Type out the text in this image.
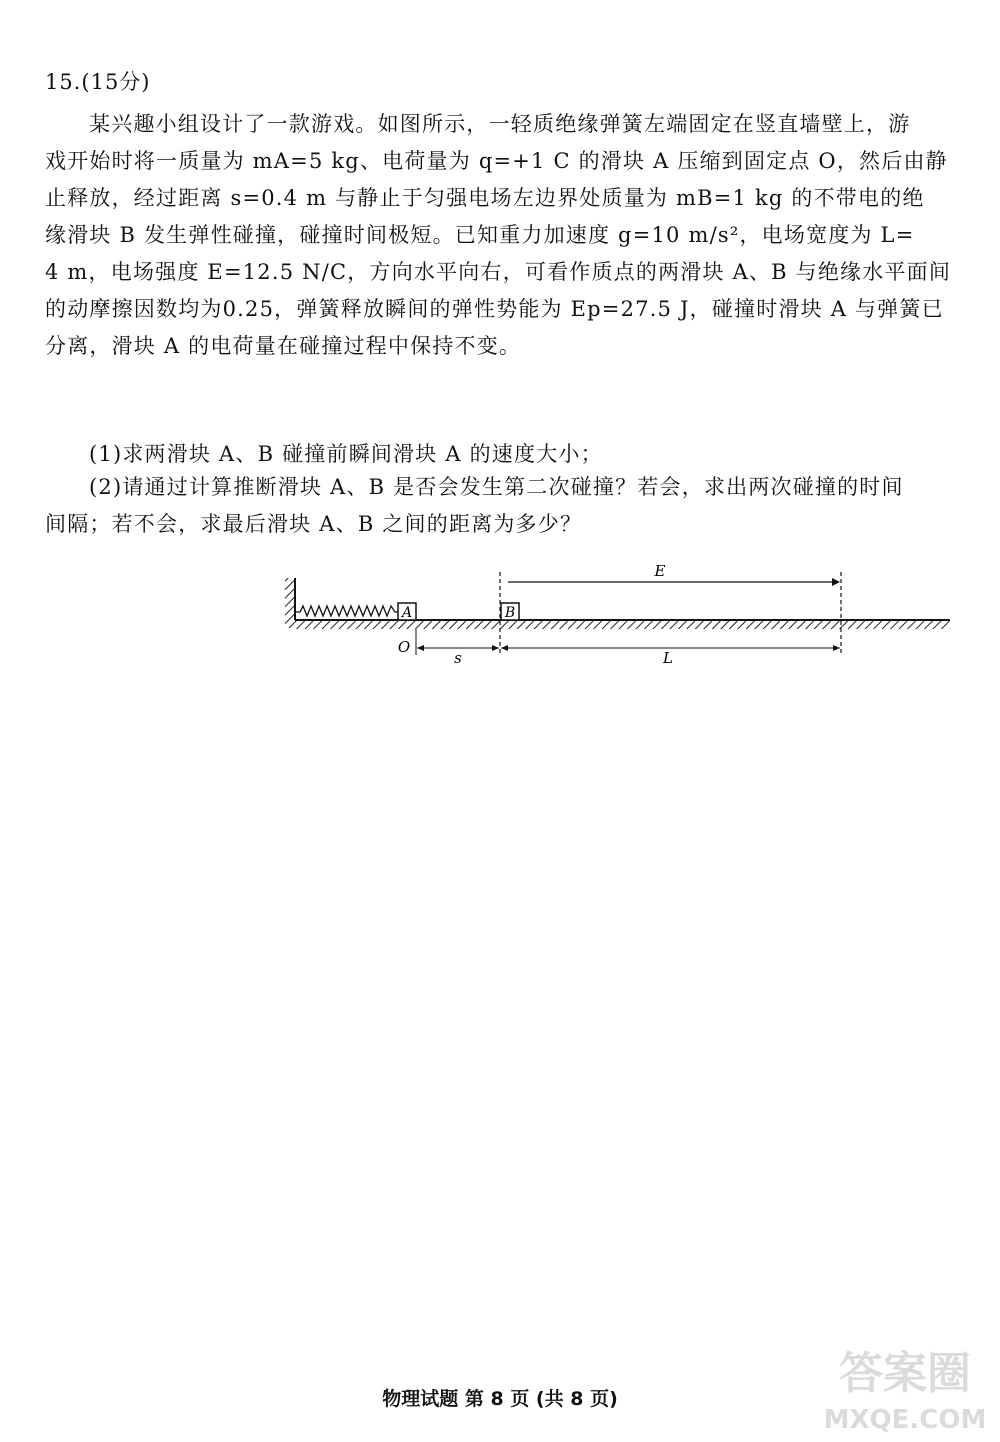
15.(15分)
某兴趣小组设计了一款游戏。如图所示，一轻质绝缘弹簧左端固定在竖直墙壁上，游
戏开始时将一质量为 mA=5 kg、电荷量为 q=+1 C 的滑块 A 压缩到固定点 O，然后由静
止释放，经过距离 s=0.4 m 与静止于匀强电场左边界处质量为 mB=1 kg 的不带电的绝
缘滑块 B 发生弹性碰撞，碰撞时间极短。已知重力加速度 g=10 m/s²，电场宽度为 L=
4 m，电场强度 E=12.5 N/C，方向水平向右，可看作质点的两滑块 A、B 与绝缘水平面间
的动摩擦因数均为0.25，弹簧释放瞬间的弹性势能为 Ep=27.5 J，碰撞时滑块 A 与弹簧已
分离，滑块 A 的电荷量在碰撞过程中保持不变。
(1)求两滑块 A、B 碰撞前瞬间滑块 A 的速度大小；
(2)请通过计算推断滑块 A、B 是否会发生第二次碰撞？若会，求出两次碰撞的时间
间隔；若不会，求最后滑块 A、B 之间的距离为多少？
A	B
E
O
s	L
答案圈
MXQE.COM
物理试题 第 8 页 (共 8 页)
